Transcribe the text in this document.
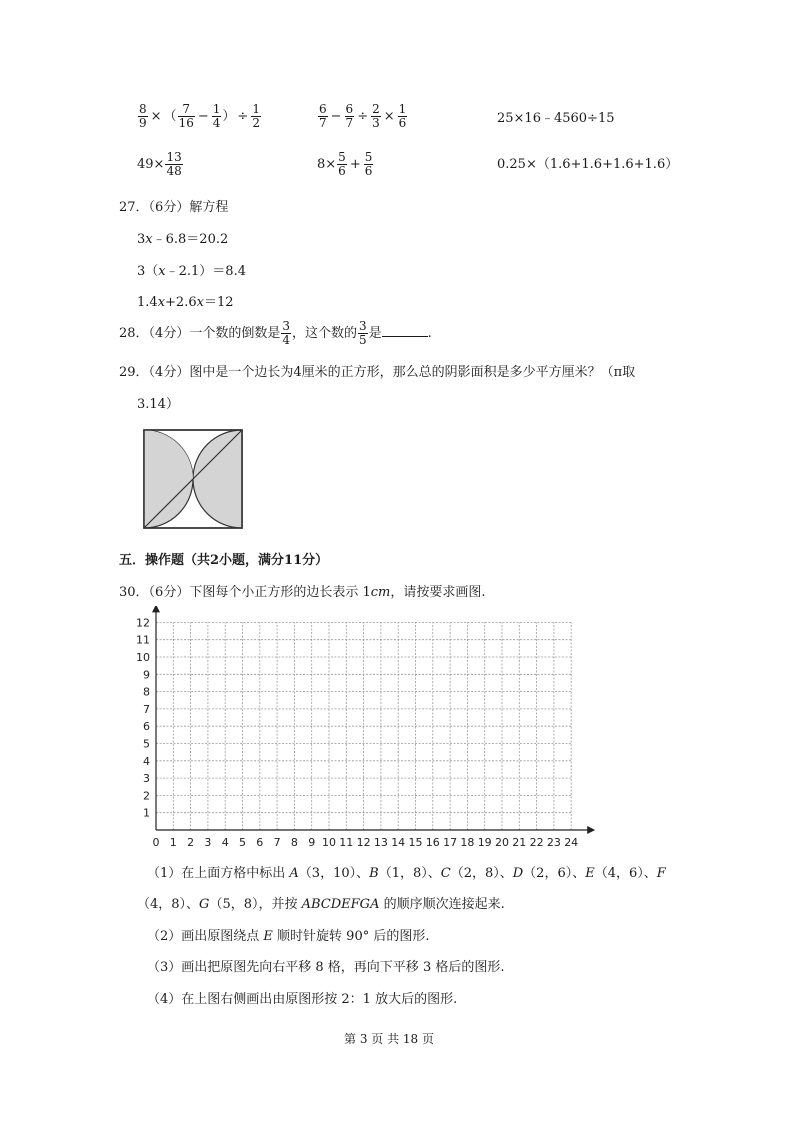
$\frac{8}{9}$ × （ $\frac{7}{16} - \frac{1}{4}$ ） ÷ $\frac{1}{2}$	$\frac{6}{7} - \frac{6}{7} \div \frac{2}{3} \times \frac{1}{6}$	25×16﹣4560÷15
$49\times \frac{13}{48}$	$8\times \frac{5}{6} + \frac{5}{6}$	0.25×（1.6+1.6+1.6+1.6）
27．（6分）解方程
3x﹣6.8＝20.2
3（x﹣2.1）＝8.4
1.4x+2.6x＝12
28．（4分）一个数的倒数是 $\frac{3}{4}$ ，这个数的 $\frac{3}{5}$ 是	.
29．（4分）图中是一个边长为4厘米的正方形，那么总的阴影面积是多少平方厘米？（π取
3.14）
五．操作题（共2小题，满分11分）
30．（6分）下图每个小正方形的边长表示 1cm，请按要求画图.
0 1 2 3 4 5 6 7 8 9 10 11 12 13 14 15 16 17 18 19 20 21 22 23 24
1
2
3
4
5
6
7
8
9
10
11
12
（1）在上面方格中标出 A（3，10）、B（1，8）、C（2，8）、D（2，6）、E（4，6）、F
（4，8）、G（5，8），并按 ABCDEFGA 的顺序顺次连接起来.
（2）画出原图绕点 E 顺时针旋转 90° 后的图形.
（3）画出把原图先向右平移 8 格，再向下平移 3 格后的图形.
（4）在上图右侧画出由原图形按 2：1 放大后的图形.
第 3 页 共 18 页
